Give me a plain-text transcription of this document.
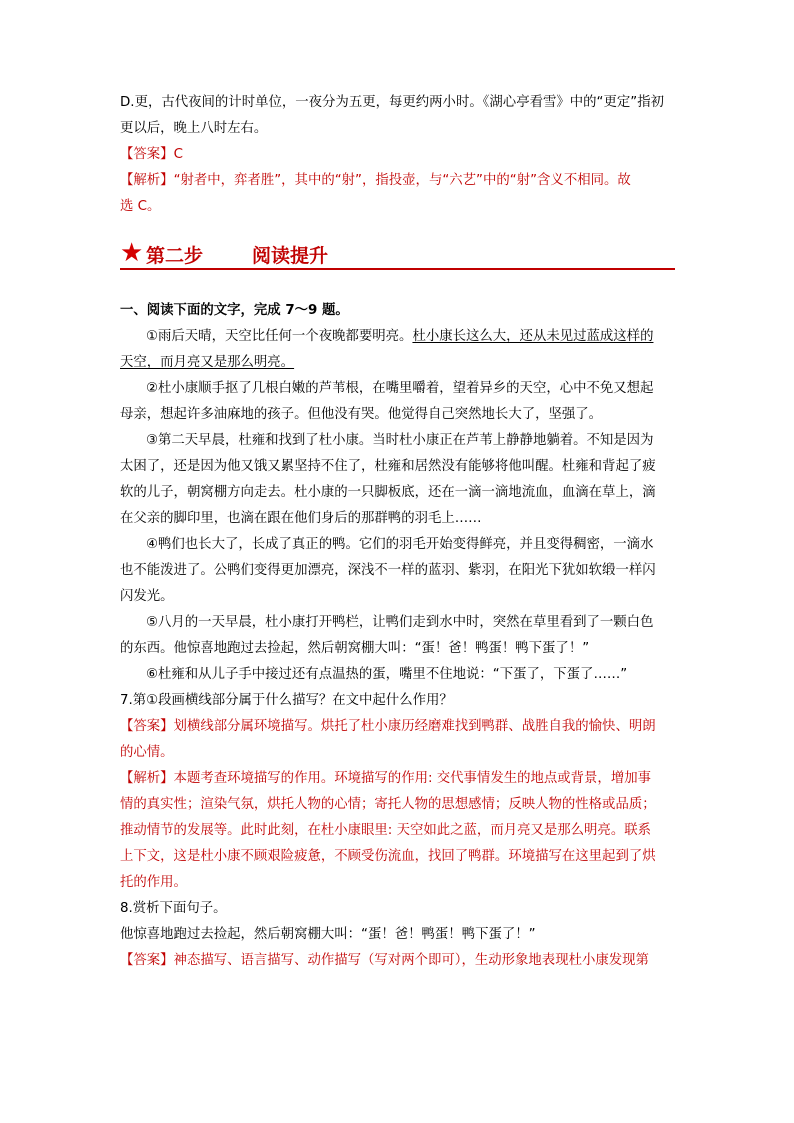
D.更，古代夜间的计时单位，一夜分为五更，每更约两小时。《湖心亭看雪》中的“更定”指初
更以后，晚上八时左右。
【答案】C
【解析】“射者中，弈者胜”，其中的“射”，指投壶，与“六艺”中的“射”含义不相同。故
选 C。
★ 第二步	阅读提升
一、阅读下面的文字，完成 7～9 题。
①雨后天晴，天空比任何一个夜晚都要明亮。杜小康长这么大，还从未见过蓝成这样的
天空，而月亮又是那么明亮。
②杜小康顺手抠了几根白嫩的芦苇根，在嘴里嚼着，望着异乡的天空，心中不免又想起
母亲，想起许多油麻地的孩子。但他没有哭。他觉得自己突然地长大了，坚强了。
③第二天早晨，杜雍和找到了杜小康。当时杜小康正在芦苇上静静地躺着。不知是因为
太困了，还是因为他又饿又累坚持不住了，杜雍和居然没有能够将他叫醒。杜雍和背起了疲
软的儿子，朝窝棚方向走去。杜小康的一只脚板底，还在一滴一滴地流血，血滴在草上，滴
在父亲的脚印里，也滴在跟在他们身后的那群鸭的羽毛上……
④鸭们也长大了，长成了真正的鸭。它们的羽毛开始变得鲜亮，并且变得稠密，一滴水
也不能泼进了。公鸭们变得更加漂亮，深浅不一样的蓝羽、紫羽，在阳光下犹如软缎一样闪
闪发光。
⑤八月的一天早晨，杜小康打开鸭栏，让鸭们走到水中时，突然在草里看到了一颗白色
的东西。他惊喜地跑过去捡起，然后朝窝棚大叫：“蛋！爸！鸭蛋！鸭下蛋了！”
⑥杜雍和从儿子手中接过还有点温热的蛋，嘴里不住地说：“下蛋了，下蛋了……”
7.第①段画横线部分属于什么描写？在文中起什么作用？
【答案】划横线部分属环境描写。烘托了杜小康历经磨难找到鸭群、战胜自我的愉快、明朗
的心情。
【解析】本题考查环境描写的作用。环境描写的作用: 交代事情发生的地点或背景，增加事
情的真实性；渲染气氛，烘托人物的心情；寄托人物的思想感情；反映人物的性格或品质；
推动情节的发展等。此时此刻，在杜小康眼里: 天空如此之蓝，而月亮又是那么明亮。联系
上下文，这是杜小康不顾艰险疲惫，不顾受伤流血，找回了鸭群。环境描写在这里起到了烘
托的作用。
8.赏析下面句子。
他惊喜地跑过去捡起，然后朝窝棚大叫：“蛋！爸！鸭蛋！鸭下蛋了！”
【答案】神态描写、语言描写、动作描写（写对两个即可），生动形象地表现杜小康发现第
